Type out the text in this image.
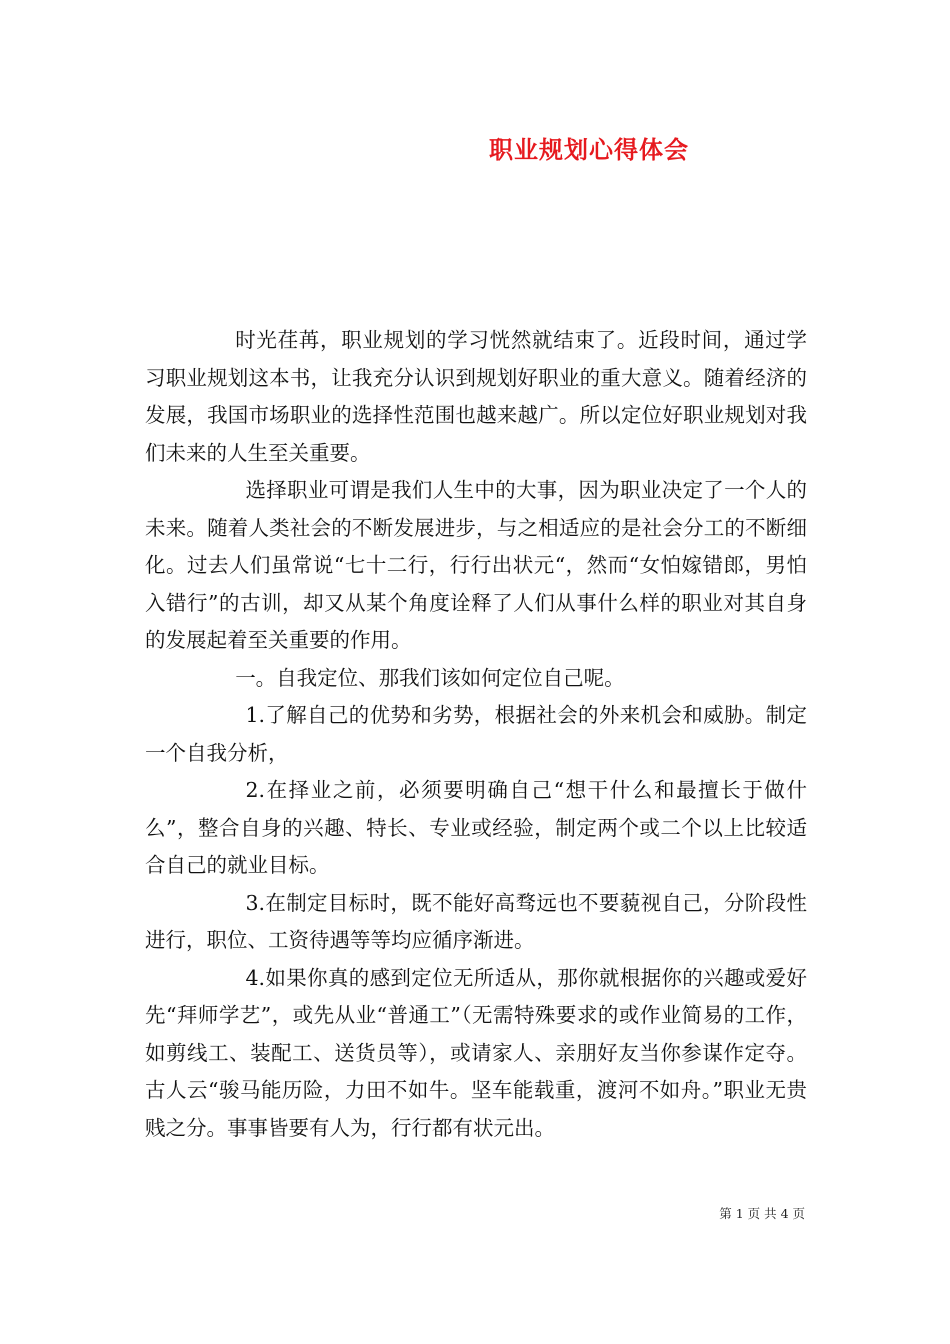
职业规划心得体会

时光荏苒，职业规划的学习恍然就结束了。近段时间，通过学习职业规划这本书，让我充分认识到规划好职业的重大意义。随着经济的发展，我国市场职业的选择性范围也越来越广。所以定位好职业规划对我们未来的人生至关重要。

选择职业可谓是我们人生中的大事，因为职业决定了一个人的未来。随着人类社会的不断发展进步，与之相适应的是社会分工的不断细化。过去人们虽常说“七十二行，行行出状元“，然而“女怕嫁错郎，男怕入错行”的古训，却又从某个角度诠释了人们从事什么样的职业对其自身的发展起着至关重要的作用。

一。自我定位、那我们该如何定位自己呢。

1.了解自己的优势和劣势，根据社会的外来机会和威胁。制定一个自我分析，

2.在择业之前，必须要明确自己“想干什么和最擅长于做什么”，整合自身的兴趣、特长、专业或经验，制定两个或二个以上比较适合自己的就业目标。

3.在制定目标时，既不能好高骛远也不要藐视自己，分阶段性进行，职位、工资待遇等等均应循序渐进。

4.如果你真的感到定位无所适从，那你就根据你的兴趣或爱好先“拜师学艺”，或先从业“普通工”（无需特殊要求的或作业简易的工作，如剪线工、装配工、送货员等），或请家人、亲朋好友当你参谋作定夺。古人云“骏马能历险，力田不如牛。坚车能载重，渡河不如舟。”职业无贵贱之分。事事皆要有人为，行行都有状元出。

第 1 页 共 4 页
